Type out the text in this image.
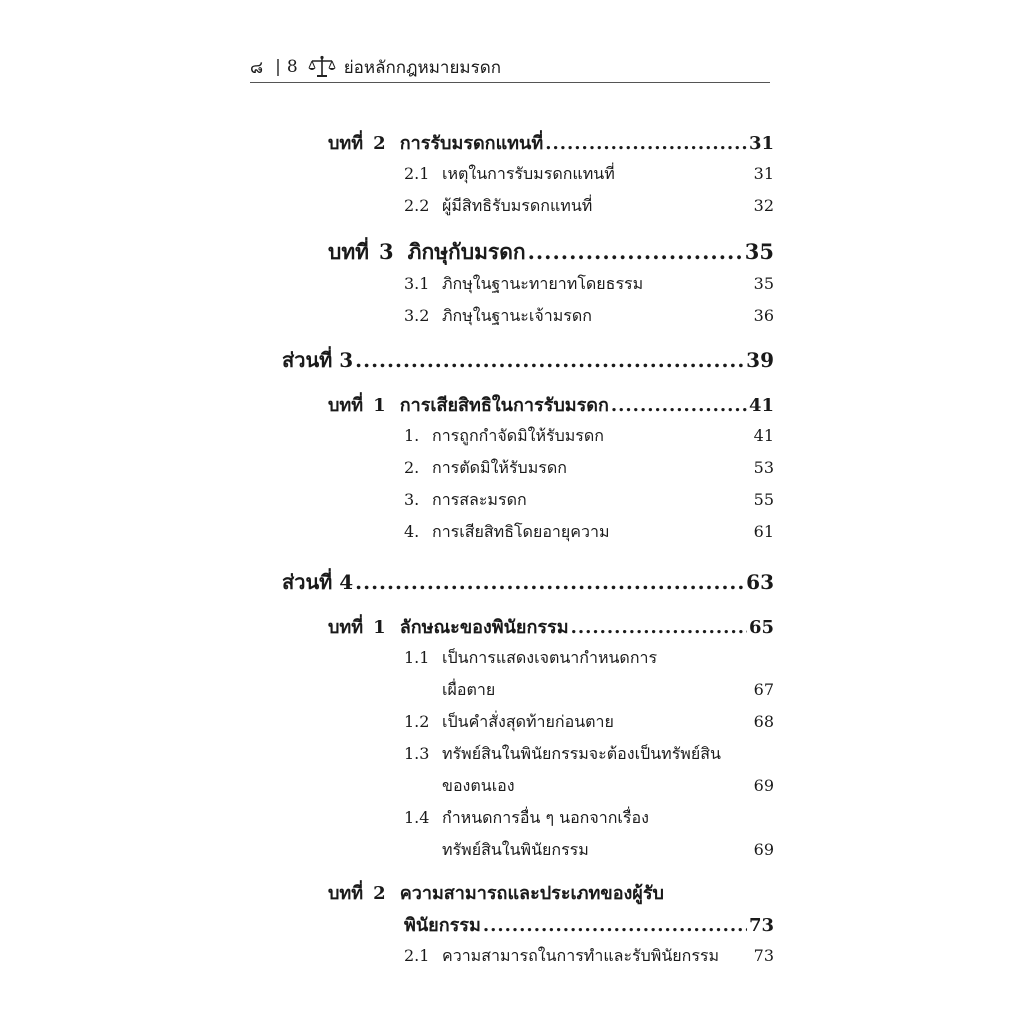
๘ | 8	ย่อหลักกฎหมายมรดก
บทที่ 2 การรับมรดกแทนที่ .....	31
2.1 เหตุในการรับมรดกแทนที่	31
2.2 ผู้มีสิทธิรับมรดกแทนที่	32
บทที่ 3 ภิกษุกับมรดก .....	35
3.1 ภิกษุในฐานะทายาทโดยธรรม	35
3.2 ภิกษุในฐานะเจ้ามรดก	36
ส่วนที่ 3 .....	39
บทที่ 1 การเสียสิทธิในการรับมรดก .....	41
1. การถูกกำจัดมิให้รับมรดก	41
2. การตัดมิให้รับมรดก	53
3. การสละมรดก	55
4. การเสียสิทธิโดยอายุความ	61
ส่วนที่ 4 .....	63
บทที่ 1 ลักษณะของพินัยกรรม .....	65
1.1 เป็นการแสดงเจตนากำหนดการ
เผื่อตาย	67
1.2 เป็นคำสั่งสุดท้ายก่อนตาย	68
1.3 ทรัพย์สินในพินัยกรรมจะต้องเป็นทรัพย์สิน
ของตนเอง	69
1.4 กำหนดการอื่น ๆ นอกจากเรื่อง
ทรัพย์สินในพินัยกรรม	69
บทที่ 2 ความสามารถและประเภทของผู้รับ
พินัยกรรม .....	73
2.1 ความสามารถในการทำและรับพินัยกรรม	73
